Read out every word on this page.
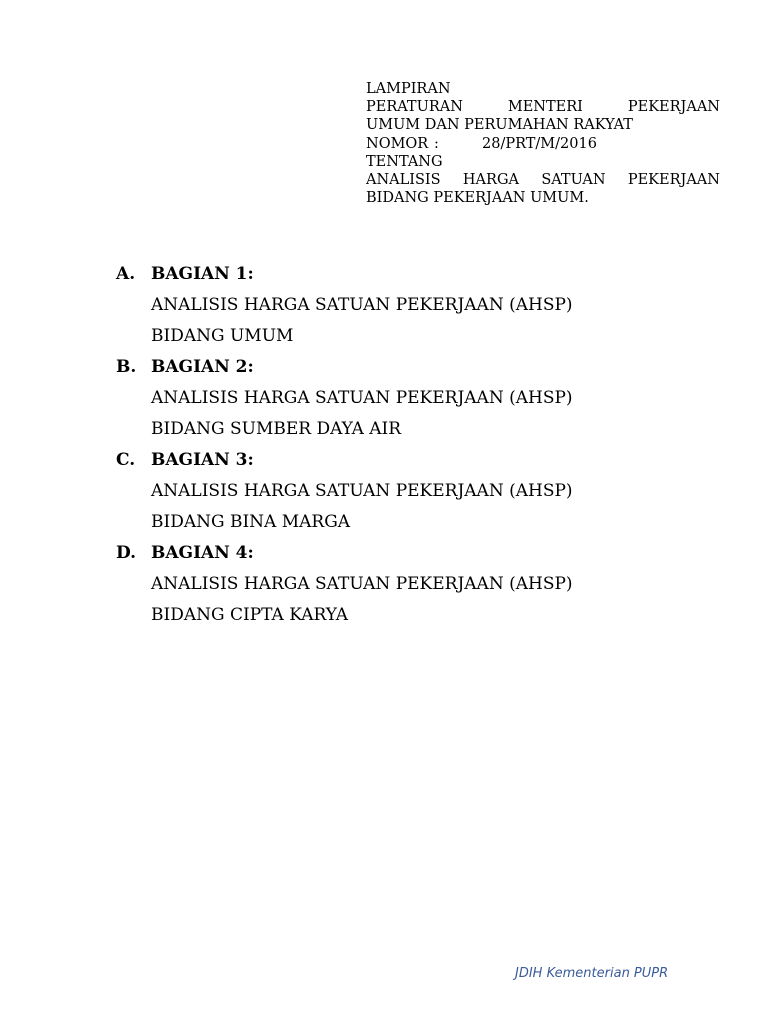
LAMPIRAN
PERATURAN	MENTERI	PEKERJAAN
UMUM DAN PERUMAHAN RAKYAT
NOMOR :	28/PRT/M/2016
TENTANG
ANALISIS HARGA SATUAN PEKERJAAN
BIDANG PEKERJAAN UMUM.
A. BAGIAN 1:
ANALISIS HARGA SATUAN PEKERJAAN (AHSP)
BIDANG UMUM
B. BAGIAN 2:
ANALISIS HARGA SATUAN PEKERJAAN (AHSP)
BIDANG SUMBER DAYA AIR
C. BAGIAN 3:
ANALISIS HARGA SATUAN PEKERJAAN (AHSP)
BIDANG BINA MARGA
D. BAGIAN 4:
ANALISIS HARGA SATUAN PEKERJAAN (AHSP)
BIDANG CIPTA KARYA
JDIH Kementerian PUPR
